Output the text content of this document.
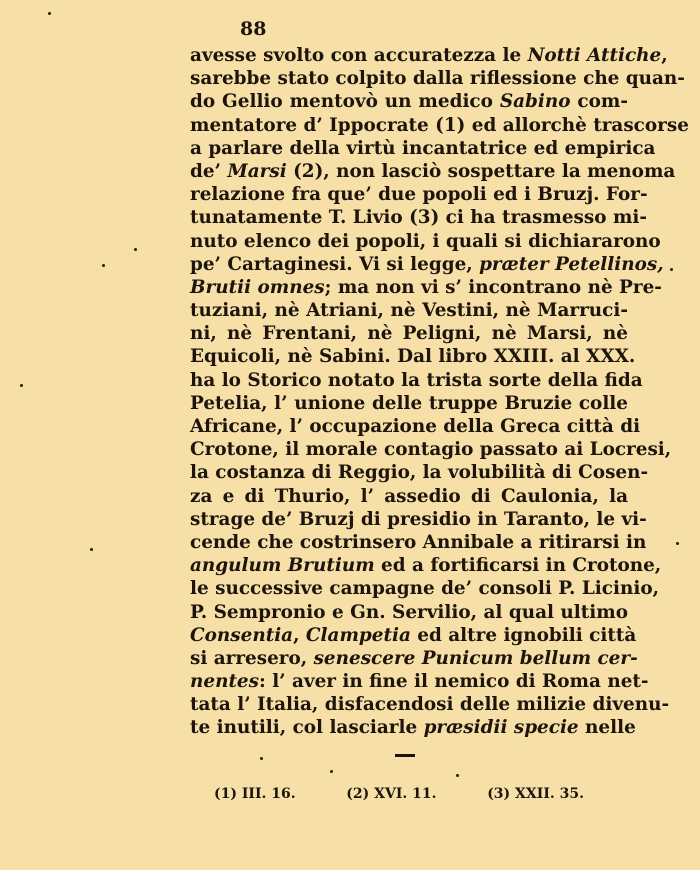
88
avesse svolto con accuratezza le Notti Attiche,
sarebbe stato colpito dalla riflessione che quan-
do Gellio mentovò un medico Sabino com-
mentatore d’ Ippocrate (1) ed allorchè trascorse
a parlare della virtù incantatrice ed empirica
de’ Marsi (2), non lasciò sospettare la menoma
relazione fra que’ due popoli ed i Bruzj. For-
tunatamente T. Livio (3) ci ha trasmesso mi-
nuto elenco dei popoli, i quali si dichiararono
pe’ Cartaginesi. Vi si legge, præter Petellinos,
Brutii omnes; ma non vi s’ incontrano nè Pre-
tuziani, nè Atriani, nè Vestini, nè Marruci-
ni, nè Frentani, nè Peligni, nè Marsi, nè
Equicoli, nè Sabini. Dal libro XXIII. al XXX.
ha lo Storico notato la trista sorte della fida
Petelia, l’ unione delle truppe Bruzie colle
Africane, l’ occupazione della Greca città di
Crotone, il morale contagio passato ai Locresi,
la costanza di Reggio, la volubilità di Cosen-
za e di Thurio, l’ assedio di Caulonia, la
strage de’ Bruzj di presidio in Taranto, le vi-
cende che costrinsero Annibale a ritirarsi in
angulum Brutium ed a fortificarsi in Crotone,
le successive campagne de’ consoli P. Licinio,
P. Sempronio e Gn. Servilio, al qual ultimo
Consentia, Clampetia ed altre ignobili città
si arresero, senescere Punicum bellum cer-
nentes: l’ aver in fine il nemico di Roma net-
tata l’ Italia, disfacendosi delle milizie divenu-
te inutili, col lasciarle præsidii specie nelle
(1) III. 16.	(2) XVI. 11.	(3) XXII. 35.
